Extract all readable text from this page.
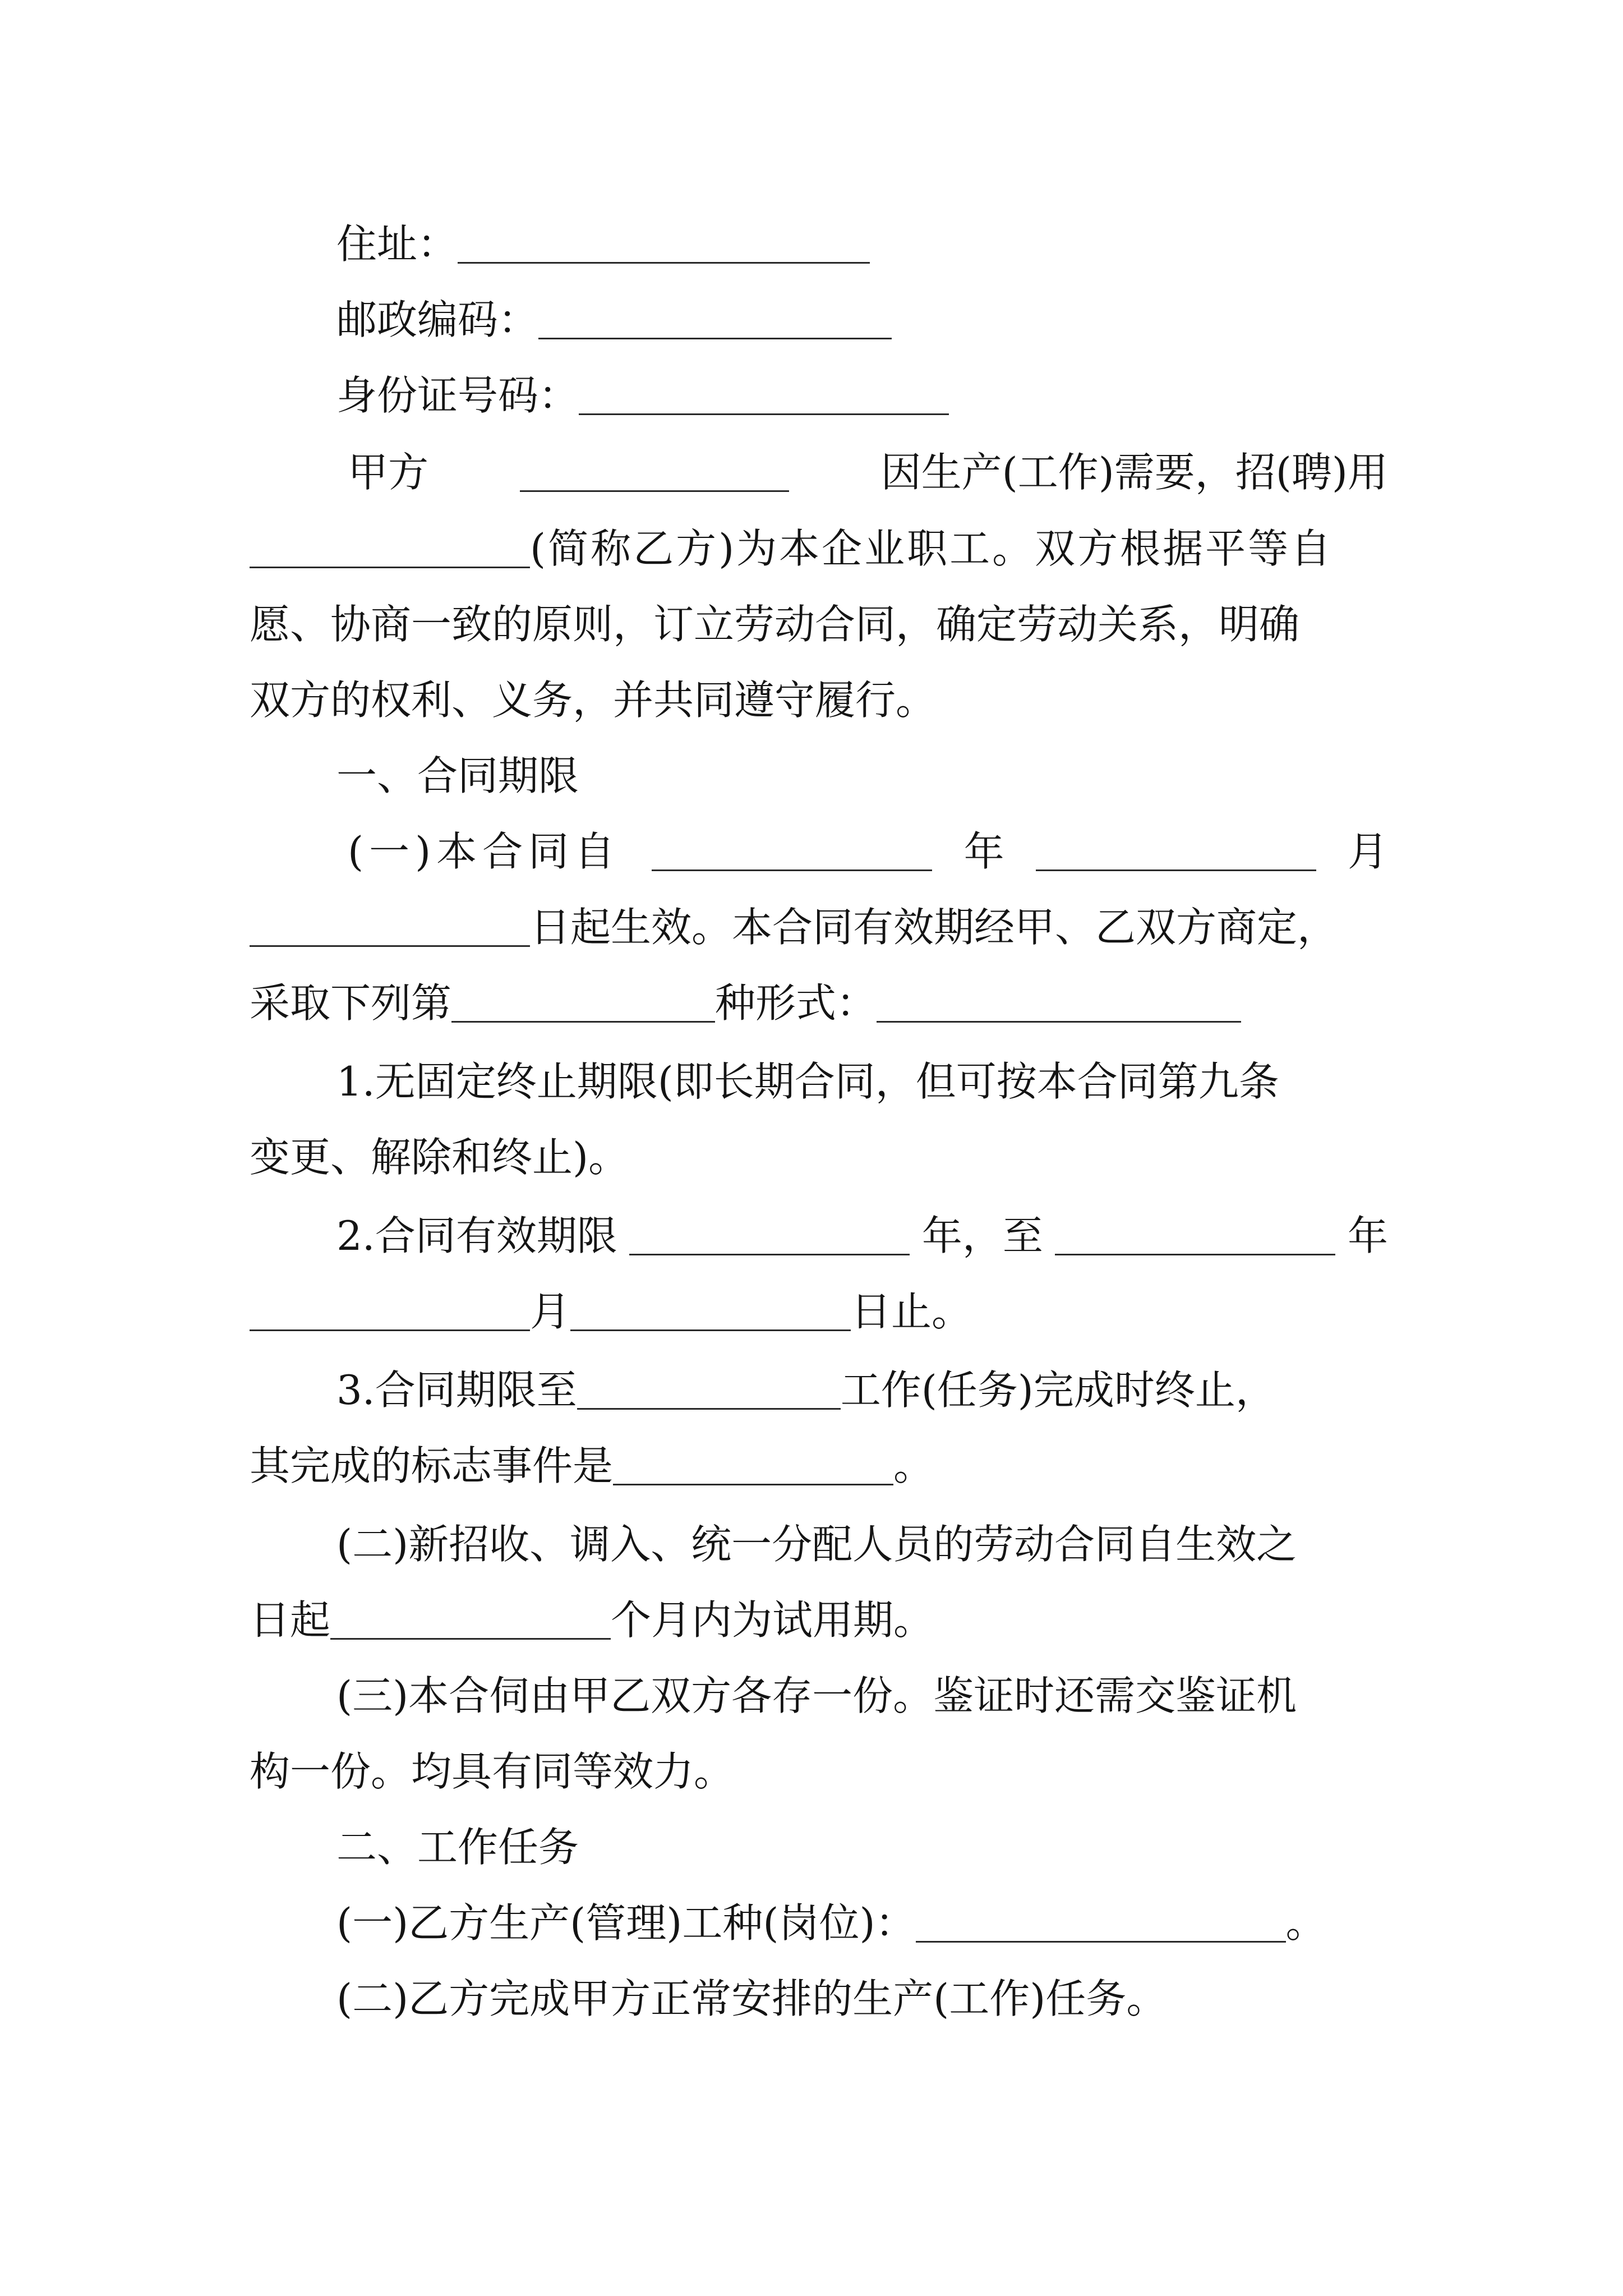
住址：
邮政编码：
身份证号码：
甲方	因生产(工作)需要，招(聘)用
(简称乙方)为本企业职工。双方根据平等自
愿、协商一致的原则，订立劳动合同，确定劳动关系，明确
双方的权利、义务，并共同遵守履行。
一、合同期限
(一)本合同自	年	月
日起生效。本合同有效期经甲、乙双方商定，
采取下列第	种形式：
1.无固定终止期限(即长期合同，但可按本合同第九条
变更、解除和终止)。
2.合同有效期限	年，至	年
月	日止。
3.合同期限至	工作(任务)完成时终止，
其完成的标志事件是	。
(二)新招收、调入、统一分配人员的劳动合同自生效之
日起	个月内为试用期。
(三)本合伺由甲乙双方各存一份。鉴证时还需交鉴证机
构一份。均具有同等效力。
二、工作任务
(一)乙方生产(管理)工种(岗位)：	。
(二)乙方完成甲方正常安排的生产(工作)任务。
